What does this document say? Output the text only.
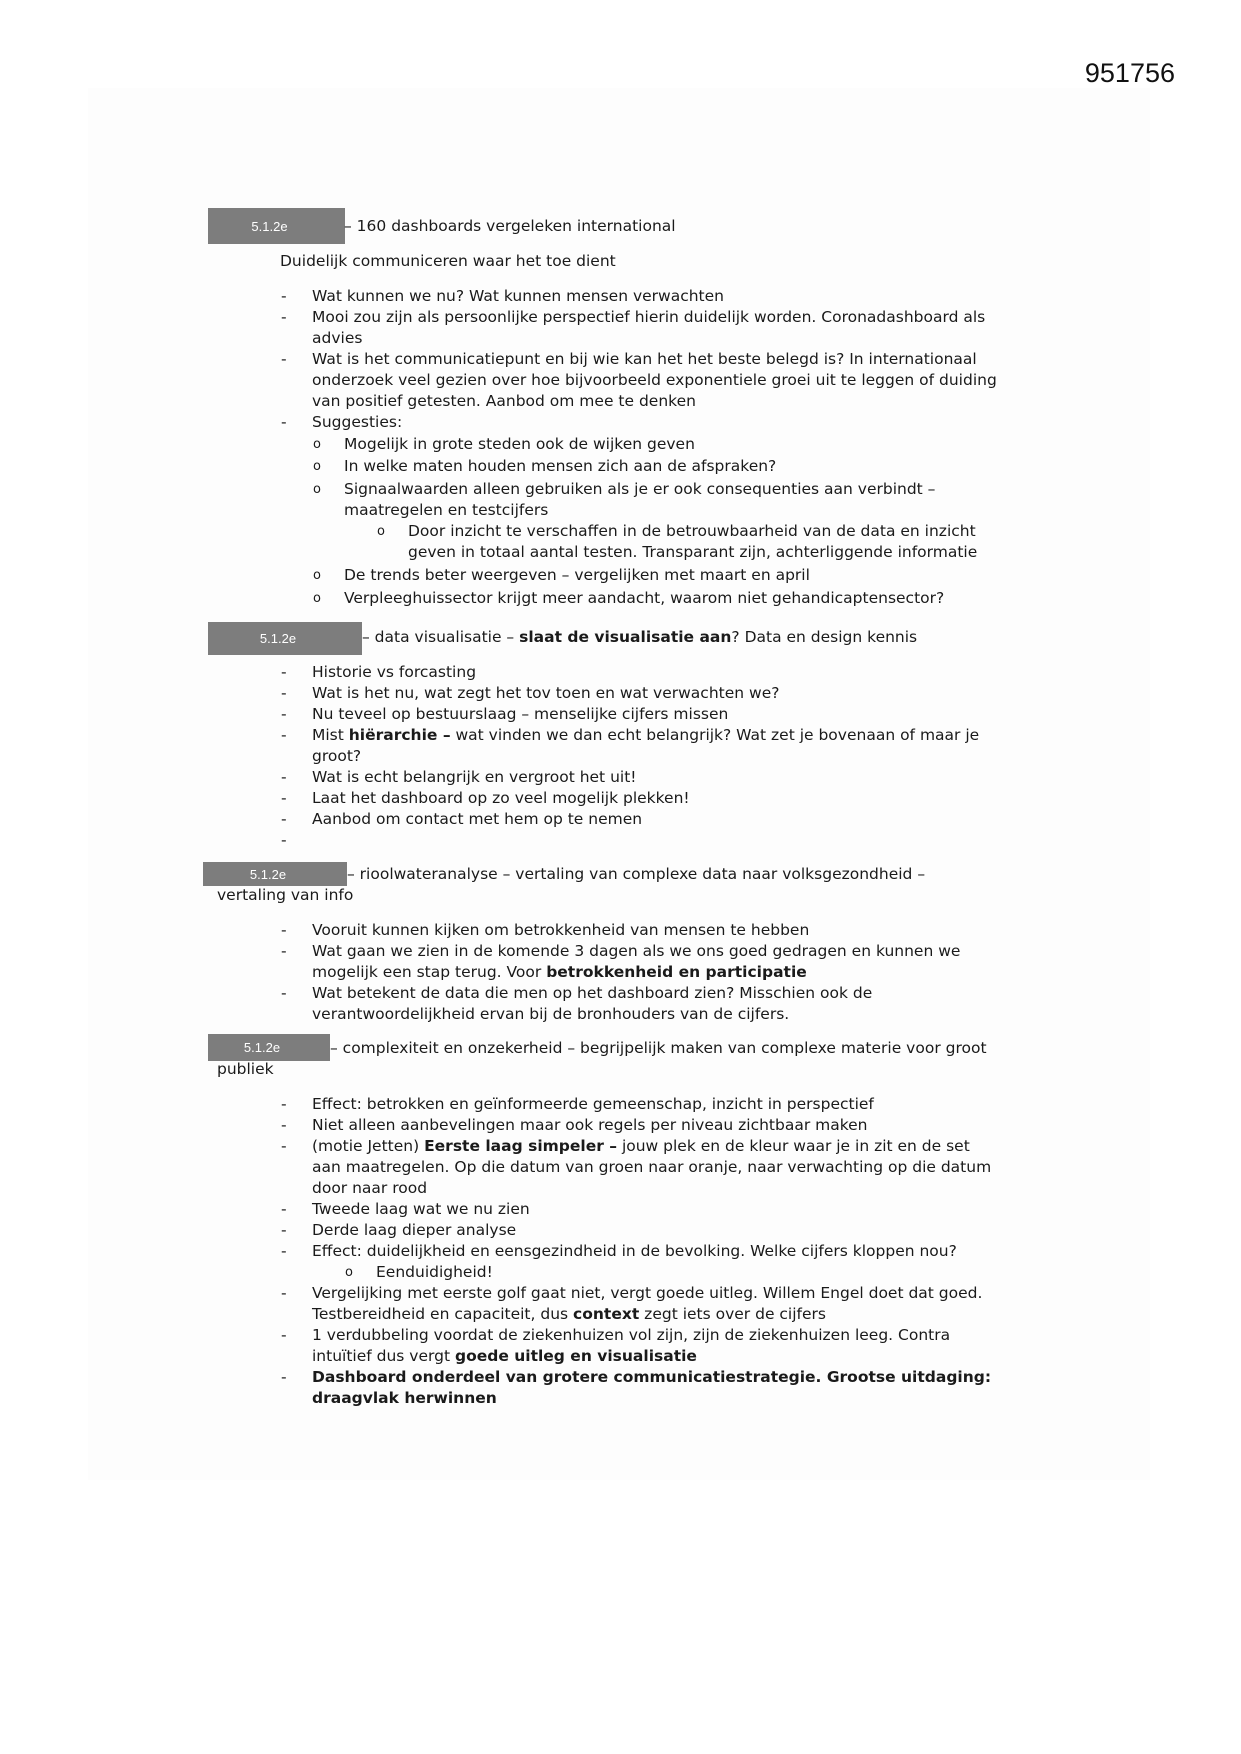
951756
5.1.2e	– 160 dashboards vergeleken international
Duidelijk communiceren waar het toe dient
- Wat kunnen we nu? Wat kunnen mensen verwachten
- Mooi zou zijn als persoonlijke perspectief hierin duidelijk worden. Coronadashboard als
advies
- Wat is het communicatiepunt en bij wie kan het het beste belegd is? In internationaal
onderzoek veel gezien over hoe bijvoorbeeld exponentiele groei uit te leggen of duiding
van positief getesten. Aanbod om mee te denken
- Suggesties:
o Mogelijk in grote steden ook de wijken geven
o In welke maten houden mensen zich aan de afspraken?
o Signaalwaarden alleen gebruiken als je er ook consequenties aan verbindt –
maatregelen en testcijfers
o Door inzicht te verschaffen in de betrouwbaarheid van de data en inzicht
geven in totaal aantal testen. Transparant zijn, achterliggende informatie
o De trends beter weergeven – vergelijken met maart en april
o Verpleeghuissector krijgt meer aandacht, waarom niet gehandicaptensector?
5.1.2e	– data visualisatie – slaat de visualisatie aan? Data en design kennis
- Historie vs forcasting
- Wat is het nu, wat zegt het tov toen en wat verwachten we?
- Nu teveel op bestuurslaag – menselijke cijfers missen
- Mist hiërarchie – wat vinden we dan echt belangrijk? Wat zet je bovenaan of maar je
groot?
- Wat is echt belangrijk en vergroot het uit!
- Laat het dashboard op zo veel mogelijk plekken!
- Aanbod om contact met hem op te nemen
-
5.1.2e	– rioolwateranalyse – vertaling van complexe data naar volksgezondheid –
vertaling van info
- Vooruit kunnen kijken om betrokkenheid van mensen te hebben
- Wat gaan we zien in de komende 3 dagen als we ons goed gedragen en kunnen we
mogelijk een stap terug. Voor betrokkenheid en participatie
- Wat betekent de data die men op het dashboard zien? Misschien ook de
verantwoordelijkheid ervan bij de bronhouders van de cijfers.
5.1.2e	– complexiteit en onzekerheid – begrijpelijk maken van complexe materie voor groot
publiek
- Effect: betrokken en geïnformeerde gemeenschap, inzicht in perspectief
- Niet alleen aanbevelingen maar ook regels per niveau zichtbaar maken
- (motie Jetten) Eerste laag simpeler – jouw plek en de kleur waar je in zit en de set
aan maatregelen. Op die datum van groen naar oranje, naar verwachting op die datum
door naar rood
- Tweede laag wat we nu zien
- Derde laag dieper analyse
- Effect: duidelijkheid en eensgezindheid in de bevolking. Welke cijfers kloppen nou?
o Eenduidigheid!
- Vergelijking met eerste golf gaat niet, vergt goede uitleg. Willem Engel doet dat goed.
Testbereidheid en capaciteit, dus context zegt iets over de cijfers
- 1 verdubbeling voordat de ziekenhuizen vol zijn, zijn de ziekenhuizen leeg. Contra
intuïtief dus vergt goede uitleg en visualisatie
- Dashboard onderdeel van grotere communicatiestrategie. Grootse uitdaging:
draagvlak herwinnen
